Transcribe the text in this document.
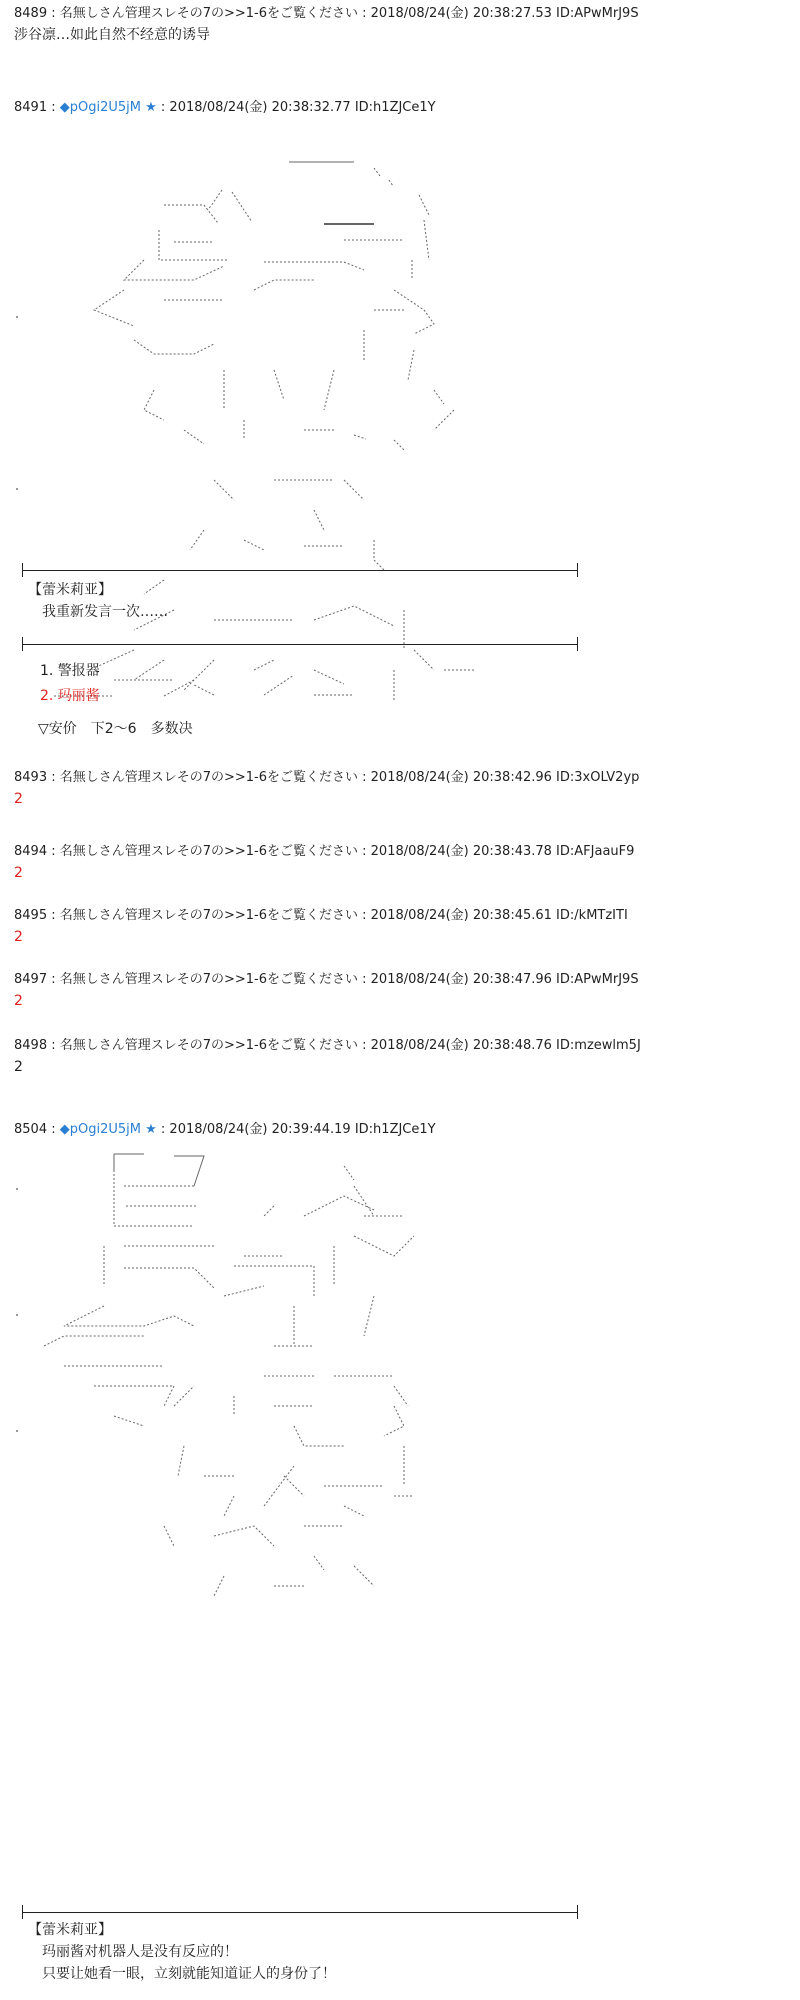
8489 : 名無しさん管理スレその7の>>1-6をご覧ください : 2018/08/24(金) 20:38:27.53 ID:APwMrJ9S
涉谷凛…如此自然不经意的诱导
8491 : ◆pOgi2U5jM ★ : 2018/08/24(金) 20:38:32.77 ID:h1ZJCe1Y
【蕾米莉亚】
我重新发言一次……
1. 警报器
2. 玛丽酱
▽安价　下2～6　多数决
8493 : 名無しさん管理スレその7の>>1-6をご覧ください : 2018/08/24(金) 20:38:42.96 ID:3xOLV2yp
2
8494 : 名無しさん管理スレその7の>>1-6をご覧ください : 2018/08/24(金) 20:38:43.78 ID:AFJaauF9
2
8495 : 名無しさん管理スレその7の>>1-6をご覧ください : 2018/08/24(金) 20:38:45.61 ID:/kMTzITI
2
8497 : 名無しさん管理スレその7の>>1-6をご覧ください : 2018/08/24(金) 20:38:47.96 ID:APwMrJ9S
2
8498 : 名無しさん管理スレその7の>>1-6をご覧ください : 2018/08/24(金) 20:38:48.76 ID:mzewlm5J
2
8504 : ◆pOgi2U5jM ★ : 2018/08/24(金) 20:39:44.19 ID:h1ZJCe1Y
【蕾米莉亚】
玛丽酱对机器人是没有反应的！
只要让她看一眼，立刻就能知道证人的身份了！
